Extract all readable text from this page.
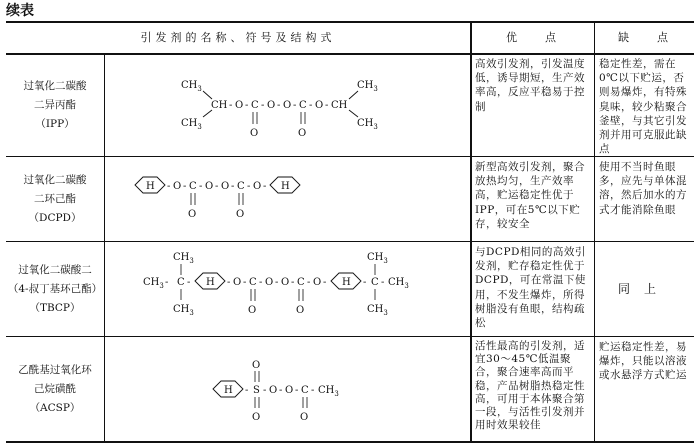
续表
引发剂的名称、符号及结构式	优　　点	缺　　点
过氧化二碳酸
二异丙酯
（IPP）
$CH_3$
$CH_3$
CH - O - C
O
- O - O - C
O
- O - CH
$CH_3$
$CH_3$
高效引发剂，引发温度低，诱导期短，生产效率高，反应平稳易于控制
稳定性差，需在0℃以下贮运，否则易爆炸，有特殊臭味，较少粘聚合釜壁，与其它引发剂并用可克服此缺点
过氧化二碳酸
二环己酯
（DCPD）
H - O - C
O
- O - O - C
O
- O - H
新型高效引发剂，聚合放热均匀，生产效率高，贮运稳定性优于IPP，可在5℃以下贮存，较安全
使用不当时鱼眼多，应先与单体混溶，然后加水的方式才能消除鱼眼
过氧化二碳酸二
（4-叔丁基环己酯）
（TBCP）
$CH_3$
$CH_3$ - C -
$CH_3$
H - O - C
O
- O - O - C
O
- O - H - C - $CH_3$
$CH_3$
$CH_3$
与DCPD相同的高效引发剂，贮存稳定性优于DCPD，可在常温下使用，不发生爆炸，所得树脂没有鱼眼，结构疏松
同上
乙酰基过氧化环
己烷磺酰
（ACSP）
H - S
O
O
- O - O - C
O
- $CH_3$
活性最高的引发剂，适宜30～45℃低温聚合，聚合速率高而平稳，产品树脂热稳定性高，可用于本体聚合第一段，与活性引发剂并用时效果较佳
贮运稳定性差，易爆炸，只能以溶液或水悬浮方式贮运
